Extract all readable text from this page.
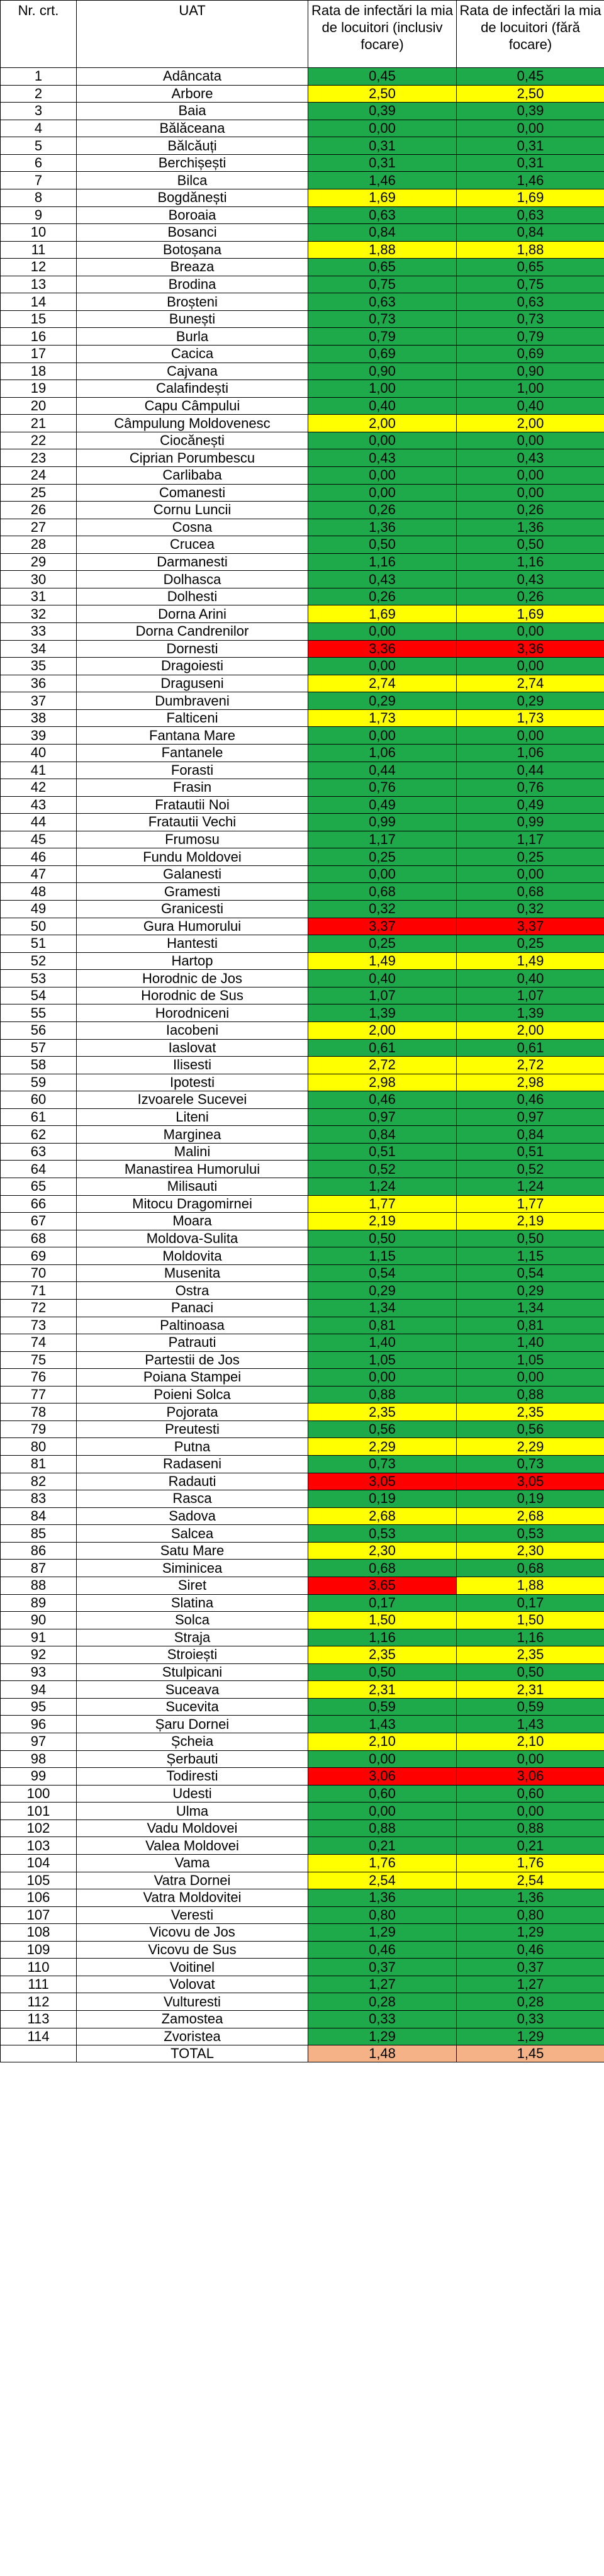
Nr. crt.	UAT	Rata de infectări la mia de locuitori (inclusiv focare)	Rata de infectări la mia de locuitori (fără focare)
1	Adâncata	0,45	0,45
2	Arbore	2,50	2,50
3	Baia	0,39	0,39
4	Bălăceana	0,00	0,00
5	Bălcăuți	0,31	0,31
6	Berchișești	0,31	0,31
7	Bilca	1,46	1,46
8	Bogdănești	1,69	1,69
9	Boroaia	0,63	0,63
10	Bosanci	0,84	0,84
11	Botoșana	1,88	1,88
12	Breaza	0,65	0,65
13	Brodina	0,75	0,75
14	Broșteni	0,63	0,63
15	Bunești	0,73	0,73
16	Burla	0,79	0,79
17	Cacica	0,69	0,69
18	Cajvana	0,90	0,90
19	Calafindești	1,00	1,00
20	Capu Câmpului	0,40	0,40
21	Câmpulung Moldovenesc	2,00	2,00
22	Ciocănești	0,00	0,00
23	Ciprian Porumbescu	0,43	0,43
24	Carlibaba	0,00	0,00
25	Comanesti	0,00	0,00
26	Cornu Luncii	0,26	0,26
27	Cosna	1,36	1,36
28	Crucea	0,50	0,50
29	Darmanesti	1,16	1,16
30	Dolhasca	0,43	0,43
31	Dolhesti	0,26	0,26
32	Dorna Arini	1,69	1,69
33	Dorna Candrenilor	0,00	0,00
34	Dornesti	3,36	3,36
35	Dragoiesti	0,00	0,00
36	Draguseni	2,74	2,74
37	Dumbraveni	0,29	0,29
38	Falticeni	1,73	1,73
39	Fantana Mare	0,00	0,00
40	Fantanele	1,06	1,06
41	Forasti	0,44	0,44
42	Frasin	0,76	0,76
43	Fratautii Noi	0,49	0,49
44	Fratautii Vechi	0,99	0,99
45	Frumosu	1,17	1,17
46	Fundu Moldovei	0,25	0,25
47	Galanesti	0,00	0,00
48	Gramesti	0,68	0,68
49	Granicesti	0,32	0,32
50	Gura Humorului	3,37	3,37
51	Hantesti	0,25	0,25
52	Hartop	1,49	1,49
53	Horodnic de Jos	0,40	0,40
54	Horodnic de Sus	1,07	1,07
55	Horodniceni	1,39	1,39
56	Iacobeni	2,00	2,00
57	Iaslovat	0,61	0,61
58	Ilisesti	2,72	2,72
59	Ipotesti	2,98	2,98
60	Izvoarele Sucevei	0,46	0,46
61	Liteni	0,97	0,97
62	Marginea	0,84	0,84
63	Malini	0,51	0,51
64	Manastirea Humorului	0,52	0,52
65	Milisauti	1,24	1,24
66	Mitocu Dragomirnei	1,77	1,77
67	Moara	2,19	2,19
68	Moldova-Sulita	0,50	0,50
69	Moldovita	1,15	1,15
70	Musenita	0,54	0,54
71	Ostra	0,29	0,29
72	Panaci	1,34	1,34
73	Paltinoasa	0,81	0,81
74	Patrauti	1,40	1,40
75	Partestii de Jos	1,05	1,05
76	Poiana Stampei	0,00	0,00
77	Poieni Solca	0,88	0,88
78	Pojorata	2,35	2,35
79	Preutesti	0,56	0,56
80	Putna	2,29	2,29
81	Radaseni	0,73	0,73
82	Radauti	3,05	3,05
83	Rasca	0,19	0,19
84	Sadova	2,68	2,68
85	Salcea	0,53	0,53
86	Satu Mare	2,30	2,30
87	Siminicea	0,68	0,68
88	Siret	3,65	1,88
89	Slatina	0,17	0,17
90	Solca	1,50	1,50
91	Straja	1,16	1,16
92	Stroiești	2,35	2,35
93	Stulpicani	0,50	0,50
94	Suceava	2,31	2,31
95	Sucevita	0,59	0,59
96	Șaru Dornei	1,43	1,43
97	Șcheia	2,10	2,10
98	Șerbauti	0,00	0,00
99	Todiresti	3,06	3,06
100	Udesti	0,60	0,60
101	Ulma	0,00	0,00
102	Vadu Moldovei	0,88	0,88
103	Valea Moldovei	0,21	0,21
104	Vama	1,76	1,76
105	Vatra Dornei	2,54	2,54
106	Vatra Moldovitei	1,36	1,36
107	Veresti	0,80	0,80
108	Vicovu de Jos	1,29	1,29
109	Vicovu de Sus	0,46	0,46
110	Voitinel	0,37	0,37
111	Volovat	1,27	1,27
112	Vulturesti	0,28	0,28
113	Zamostea	0,33	0,33
114	Zvoristea	1,29	1,29
	TOTAL	1,48	1,45
